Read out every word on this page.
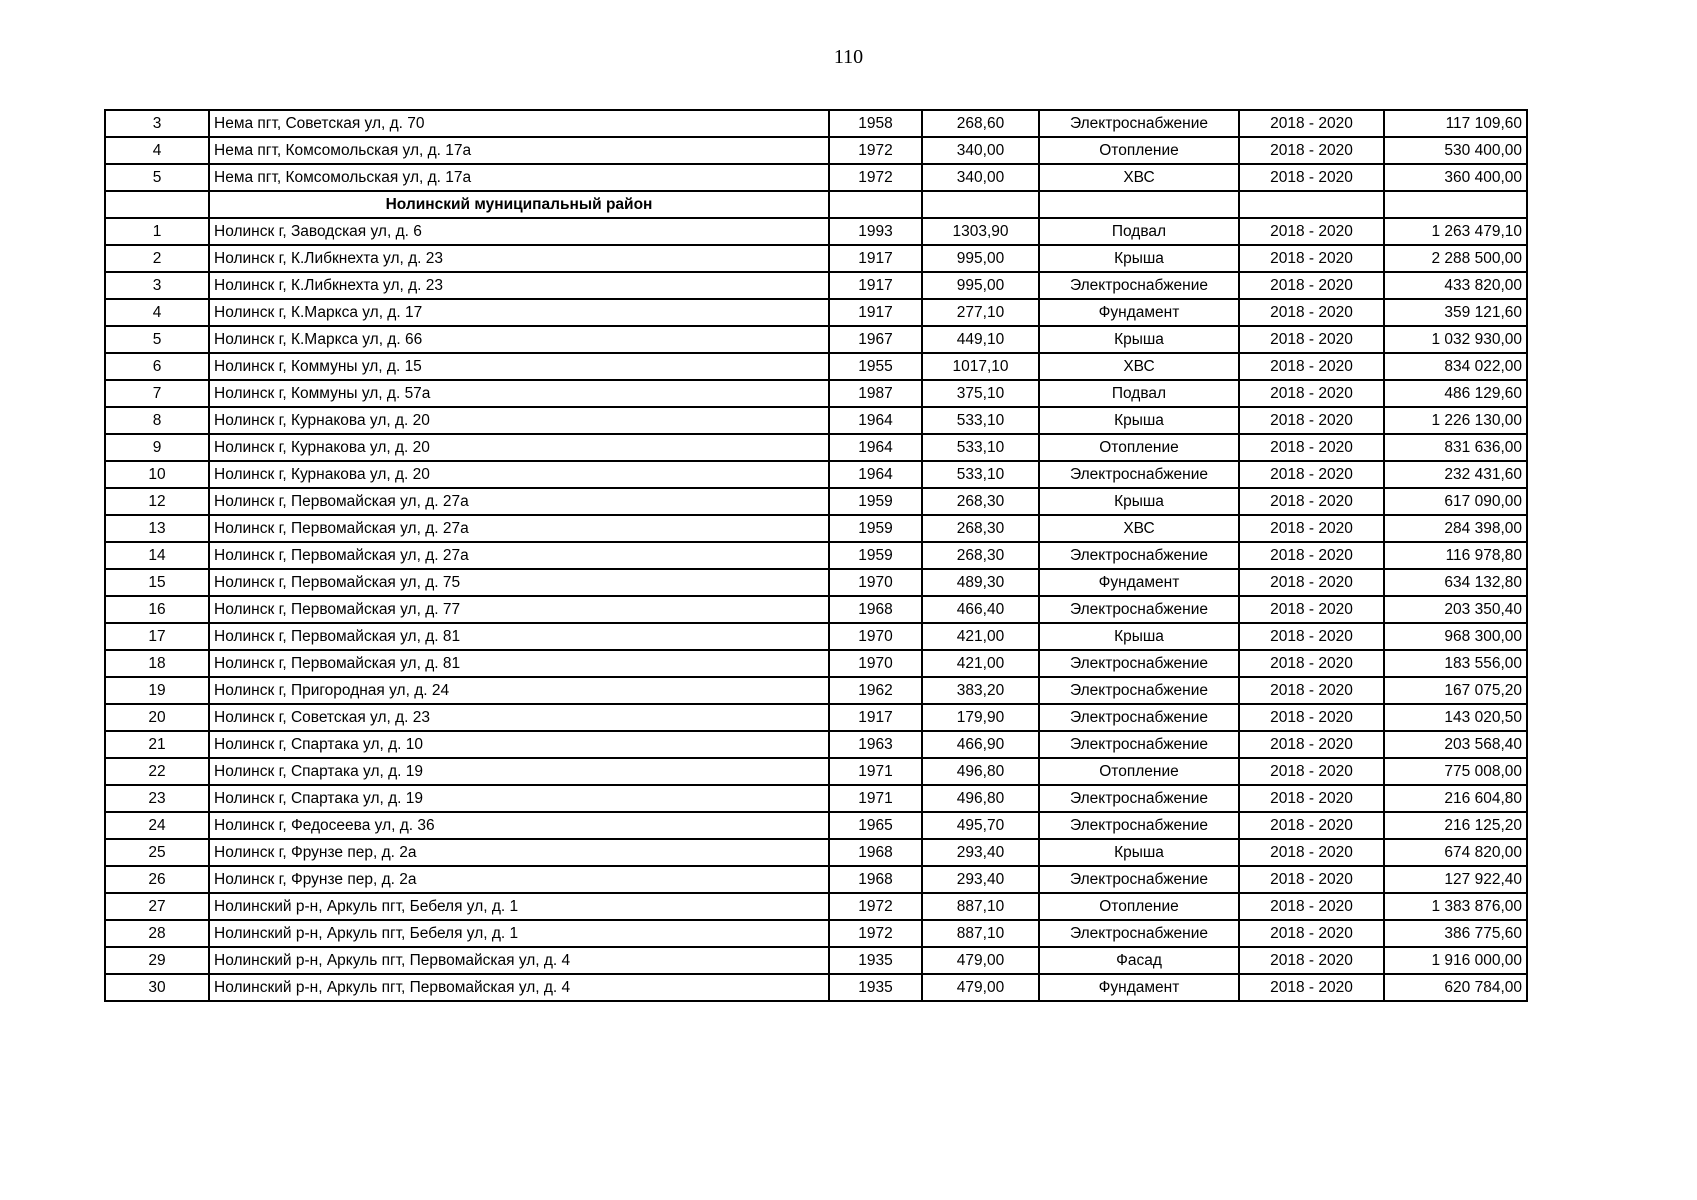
110
3	Нема пгт, Советская ул, д. 70	1958	268,60	Электроснабжение	2018 - 2020	117 109,60
4	Нема пгт, Комсомольская ул, д. 17а	1972	340,00	Отопление	2018 - 2020	530 400,00
5	Нема пгт, Комсомольская ул, д. 17а	1972	340,00	ХВС	2018 - 2020	360 400,00
	Нолинский муниципальный район					
1	Нолинск г, Заводская ул, д. 6	1993	1303,90	Подвал	2018 - 2020	1 263 479,10
2	Нолинск г, К.Либкнехта ул, д. 23	1917	995,00	Крыша	2018 - 2020	2 288 500,00
3	Нолинск г, К.Либкнехта ул, д. 23	1917	995,00	Электроснабжение	2018 - 2020	433 820,00
4	Нолинск г, К.Маркса ул, д. 17	1917	277,10	Фундамент	2018 - 2020	359 121,60
5	Нолинск г, К.Маркса ул, д. 66	1967	449,10	Крыша	2018 - 2020	1 032 930,00
6	Нолинск г, Коммуны ул, д. 15	1955	1017,10	ХВС	2018 - 2020	834 022,00
7	Нолинск г, Коммуны ул, д. 57а	1987	375,10	Подвал	2018 - 2020	486 129,60
8	Нолинск г, Курнакова ул, д. 20	1964	533,10	Крыша	2018 - 2020	1 226 130,00
9	Нолинск г, Курнакова ул, д. 20	1964	533,10	Отопление	2018 - 2020	831 636,00
10	Нолинск г, Курнакова ул, д. 20	1964	533,10	Электроснабжение	2018 - 2020	232 431,60
12	Нолинск г, Первомайская ул, д. 27а	1959	268,30	Крыша	2018 - 2020	617 090,00
13	Нолинск г, Первомайская ул, д. 27а	1959	268,30	ХВС	2018 - 2020	284 398,00
14	Нолинск г, Первомайская ул, д. 27а	1959	268,30	Электроснабжение	2018 - 2020	116 978,80
15	Нолинск г, Первомайская ул, д. 75	1970	489,30	Фундамент	2018 - 2020	634 132,80
16	Нолинск г, Первомайская ул, д. 77	1968	466,40	Электроснабжение	2018 - 2020	203 350,40
17	Нолинск г, Первомайская ул, д. 81	1970	421,00	Крыша	2018 - 2020	968 300,00
18	Нолинск г, Первомайская ул, д. 81	1970	421,00	Электроснабжение	2018 - 2020	183 556,00
19	Нолинск г, Пригородная ул, д. 24	1962	383,20	Электроснабжение	2018 - 2020	167 075,20
20	Нолинск г, Советская ул, д. 23	1917	179,90	Электроснабжение	2018 - 2020	143 020,50
21	Нолинск г, Спартака ул, д. 10	1963	466,90	Электроснабжение	2018 - 2020	203 568,40
22	Нолинск г, Спартака ул, д. 19	1971	496,80	Отопление	2018 - 2020	775 008,00
23	Нолинск г, Спартака ул, д. 19	1971	496,80	Электроснабжение	2018 - 2020	216 604,80
24	Нолинск г, Федосеева ул, д. 36	1965	495,70	Электроснабжение	2018 - 2020	216 125,20
25	Нолинск г, Фрунзе пер, д. 2а	1968	293,40	Крыша	2018 - 2020	674 820,00
26	Нолинск г, Фрунзе пер, д. 2а	1968	293,40	Электроснабжение	2018 - 2020	127 922,40
27	Нолинский р-н, Аркуль пгт, Бебеля ул, д. 1	1972	887,10	Отопление	2018 - 2020	1 383 876,00
28	Нолинский р-н, Аркуль пгт, Бебеля ул, д. 1	1972	887,10	Электроснабжение	2018 - 2020	386 775,60
29	Нолинский р-н, Аркуль пгт, Первомайская ул, д. 4	1935	479,00	Фасад	2018 - 2020	1 916 000,00
30	Нолинский р-н, Аркуль пгт, Первомайская ул, д. 4	1935	479,00	Фундамент	2018 - 2020	620 784,00
